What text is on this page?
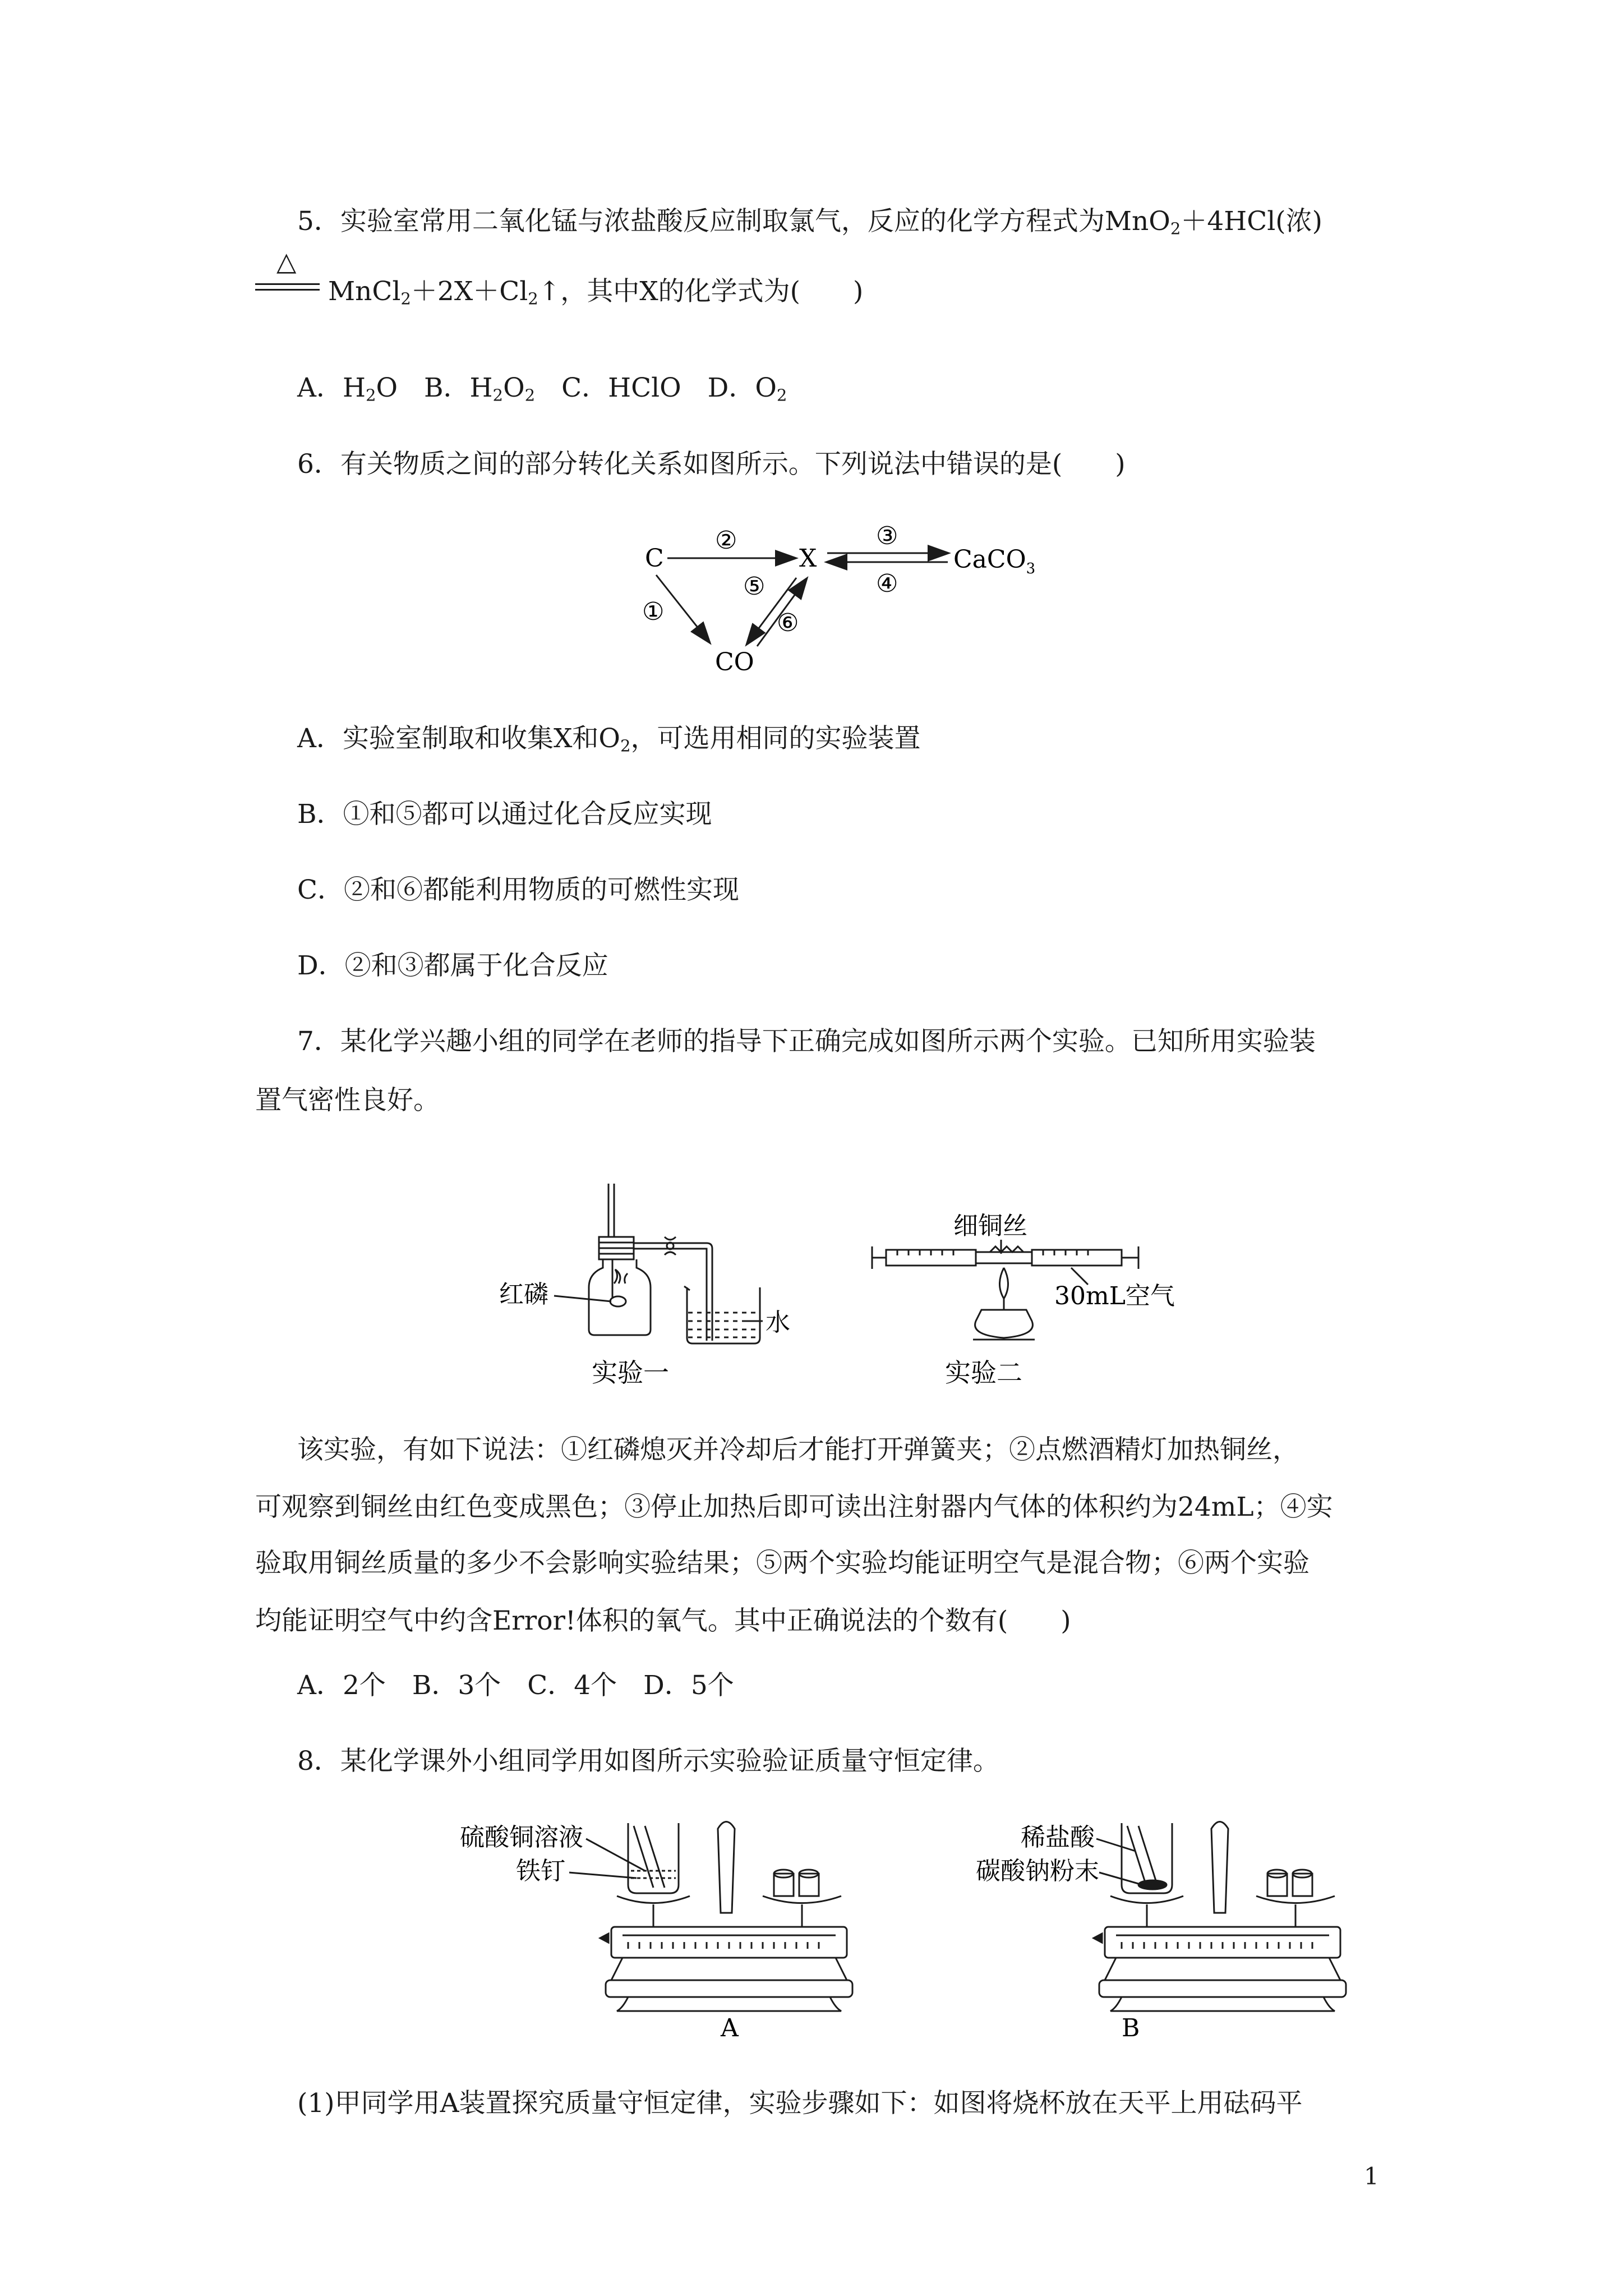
5．实验室常用二氧化锰与浓盐酸反应制取氯气，反应的化学方程式为MnO$_2$＋4HCl(浓)
△
$MnCl_2+2X+Cl_2↑$，其中X的化学式为(　　)
A．$H_2O$　 B．$H_2O_2$　 C．HClO　 D．$O_2$
6．有关物质之间的部分转化关系如图所示。下列说法中错误的是(　　)
C	X	CaCO$_3$
CO
②	③
④
①
⑤
⑥
A．实验室制取和收集X和$O_2$，可选用相同的实验装置
B．①和⑤都可以通过化合反应实现
C．②和⑥都能利用物质的可燃性实现
D．②和③都属于化合反应
7．某化学兴趣小组的同学在老师的指导下正确完成如图所示两个实验。已知所用实验装
置气密性良好。
红磷
水
实验一
细铜丝
30mL空气
实验二
该实验，有如下说法：①红磷熄灭并冷却后才能打开弹簧夹；②点燃酒精灯加热铜丝，
可观察到铜丝由红色变成黑色；③停止加热后即可读出注射器内气体的体积约为24mL；④实
验取用铜丝质量的多少不会影响实验结果；⑤两个实验均能证明空气是混合物；⑥两个实验
均能证明空气中约含Error!体积的氧气。其中正确说法的个数有(　　)
A．2个　B．3个　C．4个　D．5个
8．某化学课外小组同学用如图所示实验验证质量守恒定律。
硫酸铜溶液
铁钉
A
稀盐酸
碳酸钠粉末
B
(1)甲同学用A装置探究质量守恒定律，实验步骤如下：如图将烧杯放在天平上用砝码平
1
